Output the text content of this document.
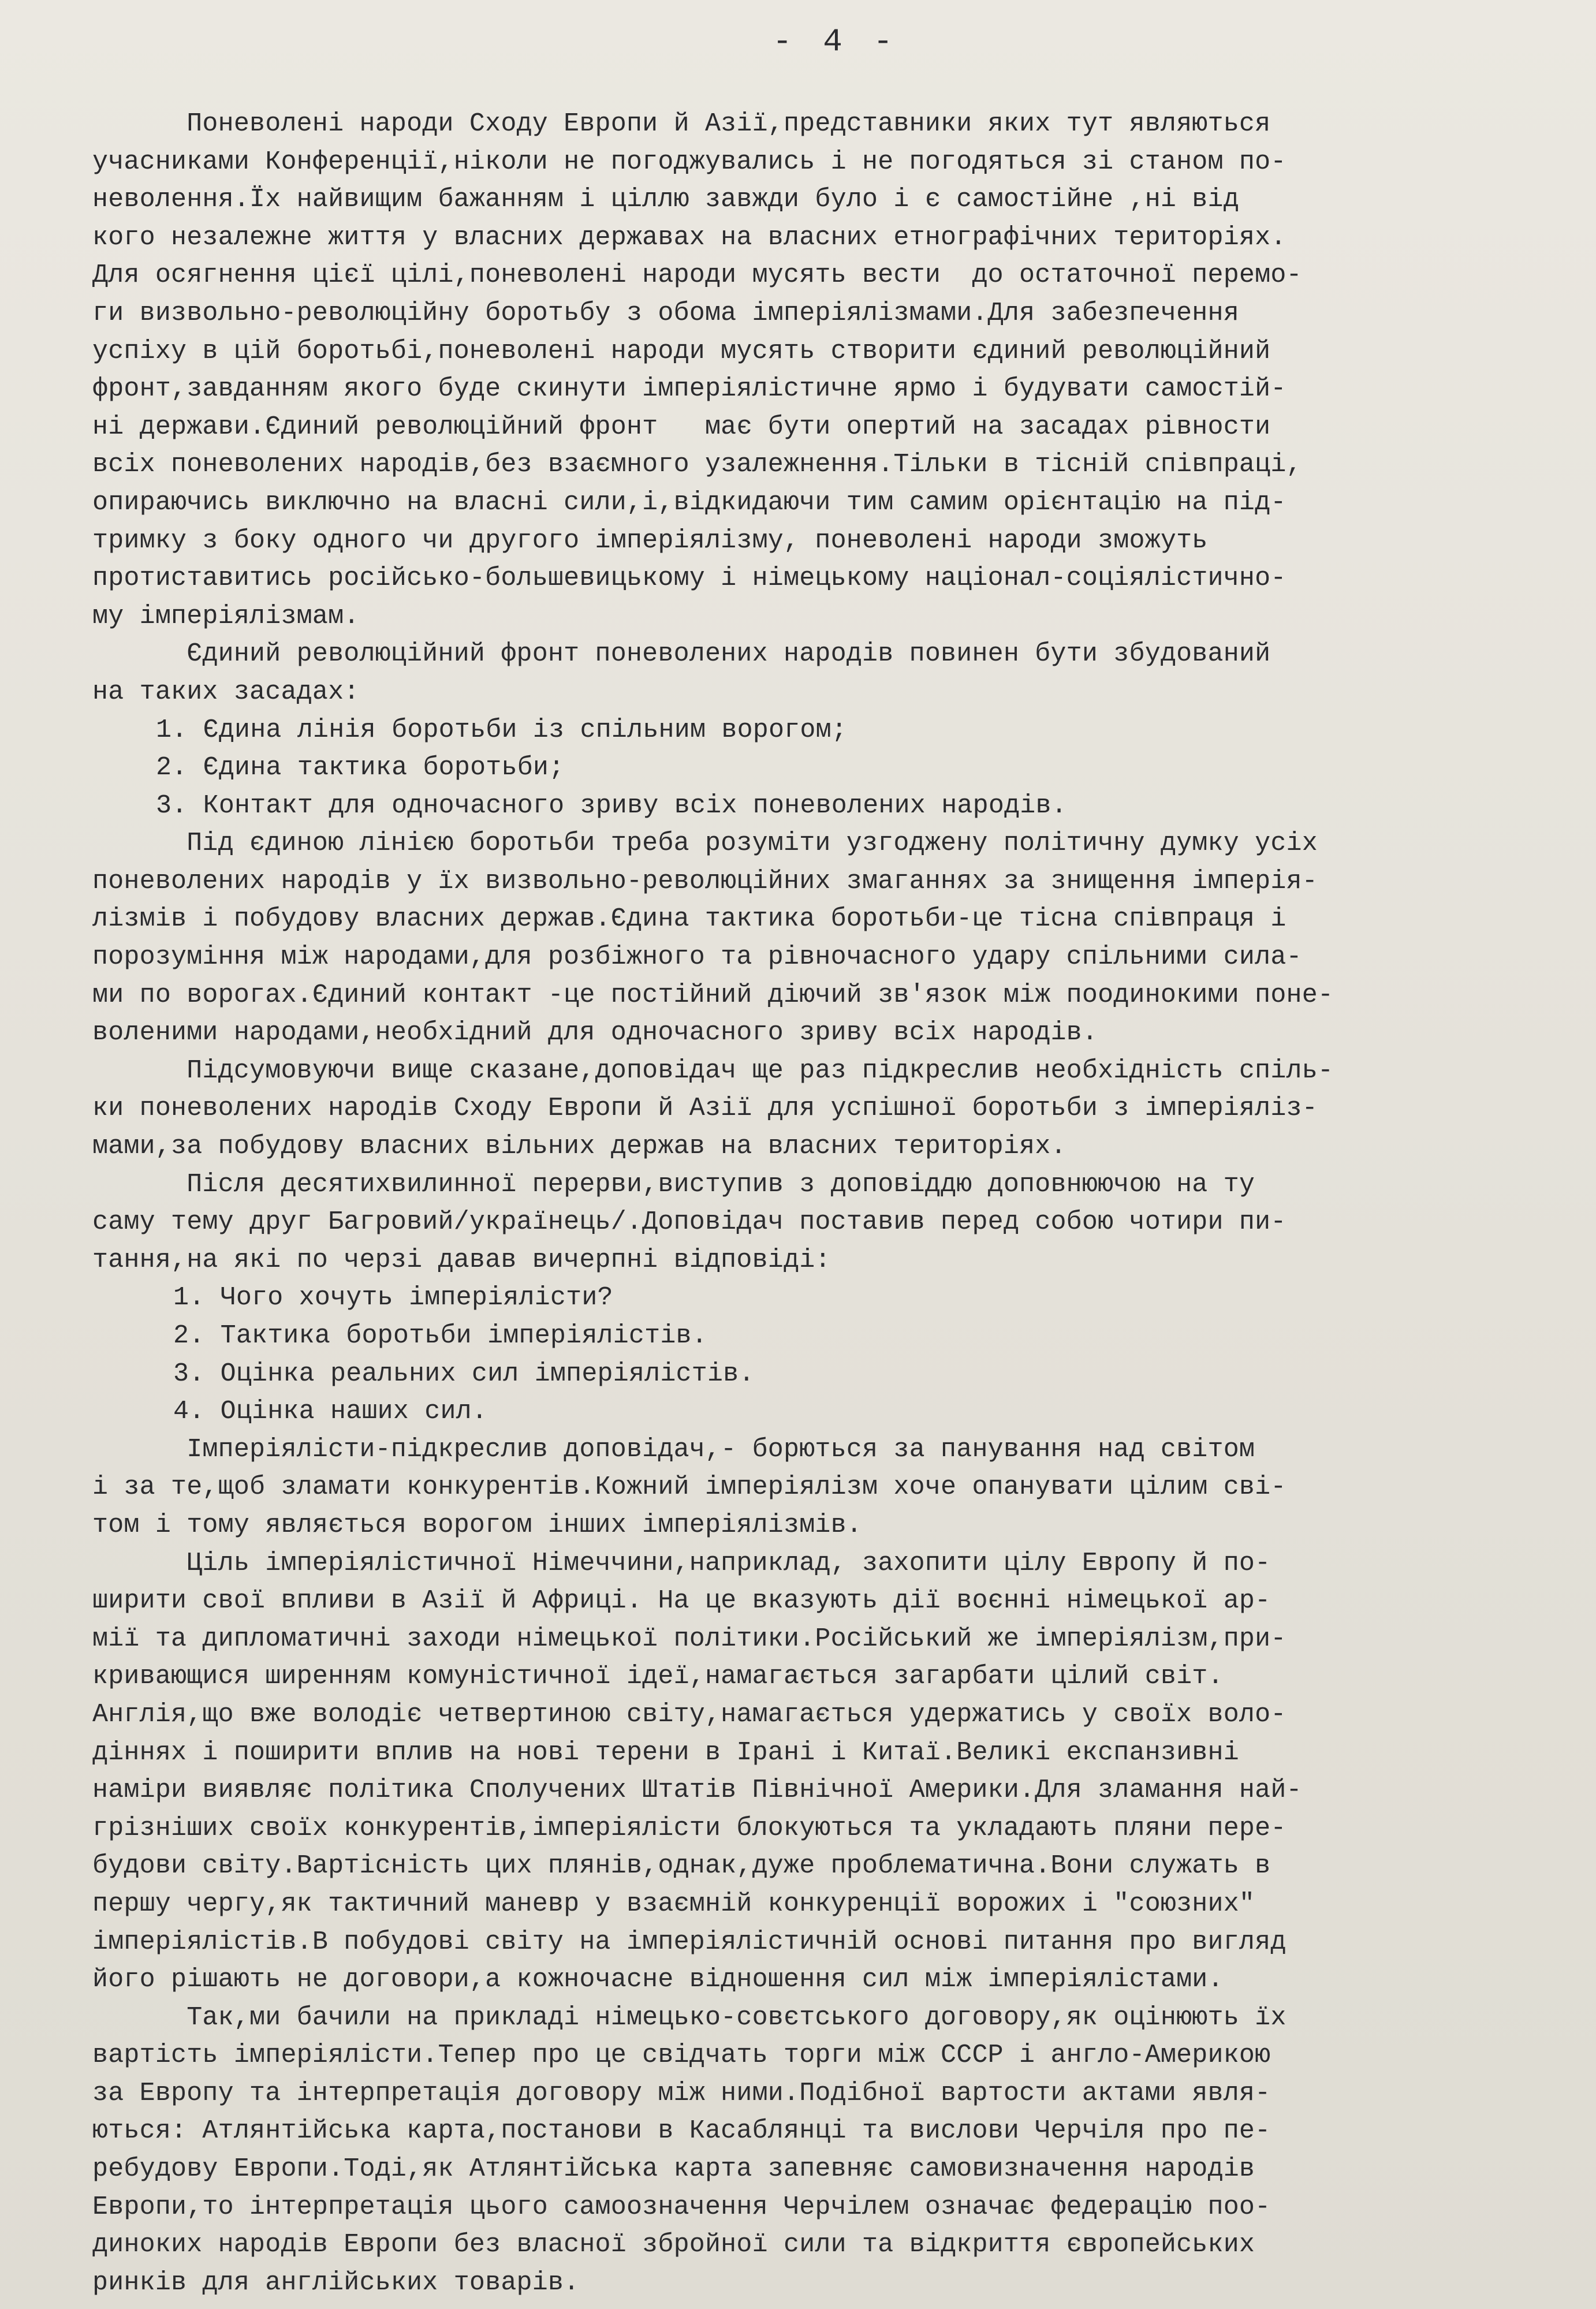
- 4 -

Поневолені народи Сходу Европи й Азії,представники яких тут являються

учасниками Конференції,ніколи не погоджувались і не погодяться зі станом по-

неволення.Їх найвищим бажанням і ціллю завжди було і є самостійне ,ні від

кого незалежне життя у власних державах на власних етнографічних територіях.

Для осягнення цієї цілі,поневолені народи мусять вести  до остаточної перемо-

ги визвольно-революційну боротьбу з обома імперіялізмами.Для забезпечення

успіху в цій боротьбі,поневолені народи мусять створити єдиний революційний

фронт,завданням якого буде скинути імперіялістичне ярмо і будувати самостій-

ні держави.Єдиний революційний фронт   має бути опертий на засадах рівности

всіх поневолених народів,без взаємного узалежнення.Тільки в тісній співпраці,

опираючись виключно на власні сили,і,відкидаючи тим самим орієнтацію на під-

тримку з боку одного чи другого імперіялізму, поневолені народи зможуть

протиставитись російсько-большевицькому і німецькому націонал-соціялістично-

му імперіялізмам.

Єдиний революційний фронт поневолених народів повинен бути збудований

на таких засадах:

1. Єдина лінія боротьби із спільним ворогом;

2. Єдина тактика боротьби;

3. Контакт для одночасного зриву всіх поневолених народів.

Під єдиною лінією боротьби треба розуміти узгоджену політичну думку усіх

поневолених народів у їх визвольно-революційних змаганнях за знищення імперія-

лізмів і побудову власних держав.Єдина тактика боротьби-це тісна співпраця і

порозуміння між народами,для розбіжного та рівночасного удару спільними сила-

ми по ворогах.Єдиний контакт -це постійний діючий зв'язок між поодинокими поне-

воленими народами,необхідний для одночасного зриву всіх народів.

Підсумовуючи вище сказане,доповідач ще раз підкреслив необхідність спіль-

ки поневолених народів Сходу Европи й Азії для успішної боротьби з імперіяліз-

мами,за побудову власних вільних держав на власних територіях.

Після десятихвилинної перерви,виступив з доповіддю доповнюючою на ту

саму тему друг Багровий/українець/.Доповідач поставив перед собою чотири пи-

тання,на які по черзі давав вичерпні відповіді:

1. Чого хочуть імперіялісти?

2. Тактика боротьби імперіялістів.

3. Оцінка реальних сил імперіялістів.

4. Оцінка наших сил.

Імперіялісти-підкреслив доповідач,- борються за панування над світом

і за те,щоб зламати конкурентів.Кожний імперіялізм хоче опанувати цілим сві-

том і тому являється ворогом інших імперіялізмів.

Ціль імперіялістичної Німеччини,наприклад, захопити цілу Европу й по-

ширити свої впливи в Азії й Африці. На це вказують дії воєнні німецької ар-

мії та дипломатичні заходи німецької політики.Російський же імперіялізм,при-

кривающися шиpенням комуністичної ідеї,намагається загарбати цілий світ.

Англія,що вже володіє четвертиною світу,намагається удержатись у своїх воло-

діннях і поширити вплив на нові терени в Ірані і Китаї.Великі експанзивні

наміри виявляє політика Сполучених Штатів Північної Америки.Для зламання най-

грізніших своїх конкурентів,імперіялісти блокуються та укладають пляни пере-

будови світу.Вартісність цих плянів,однак,дуже проблематична.Вони служать в

першу чергу,як тактичний маневр у взаємній конкуренції ворожих і "союзних"

імперіялістів.В побудові світу на імперіялістичній основі питання про вигляд

його рішають не договори,а кожночасне відношення сил між імперіялістами.

Так,ми бачили на прикладі німецько-совєтського договору,як оцінюють їх

вартість імперіялісти.Тепер про це свідчать торги між СССР і англо-Америкою

за Европу та інтерпретація договору між ними.Подібної вартости актами явля-

ються: Атлянтійська карта,постанови в Касаблянці та вислови Черчіля про пе-

ребудову Европи.Тоді,як Атлянтійська карта запевняє самовизначення народів

Европи,то інтерпретація цього самоозначення Черчілем означає федерацію поо-

диноких народів Европи без власної збройної сили та відкриття європейських

ринків для англійських товарів.
